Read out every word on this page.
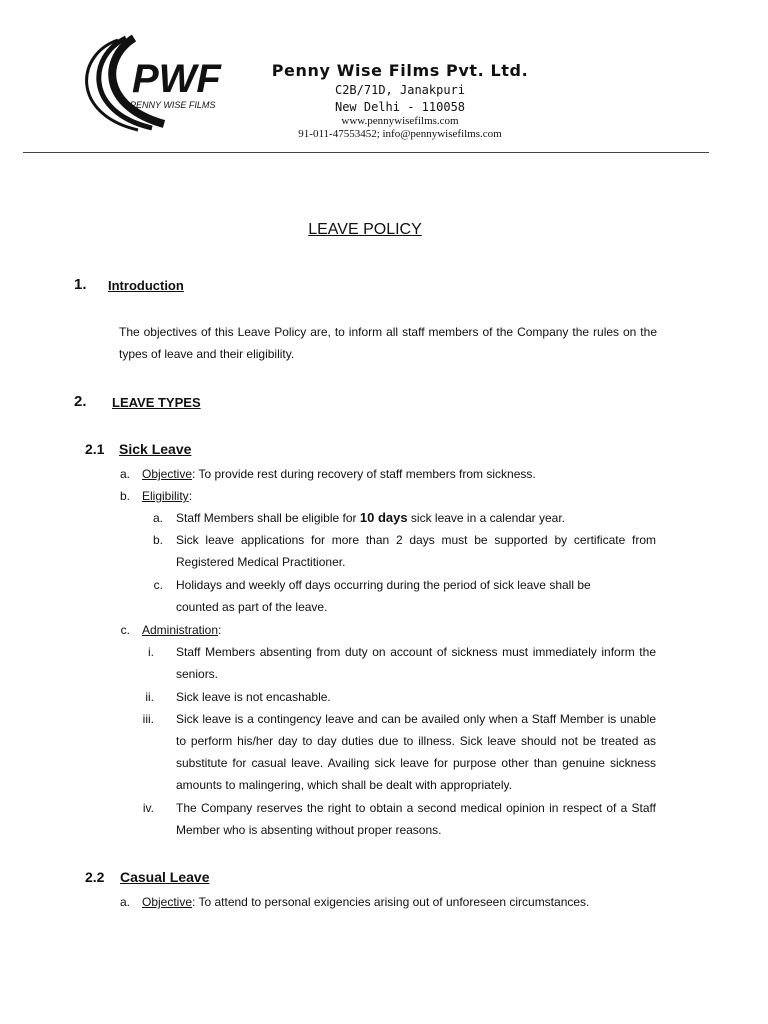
PWF
PENNY WISE FILMS
Penny Wise Films Pvt. Ltd.
C2B/71D, Janakpuri
New Delhi - 110058
www.pennywisefilms.com
91-011-47553452; info@pennywisefilms.com
LEAVE POLICY
1. Introduction
The objectives of this Leave Policy are, to inform all staff members of the Company the rules on the types of leave and their eligibility.
2. LEAVE TYPES
2.1 Sick Leave
a. Objective: To provide rest during recovery of staff members from sickness.
b. Eligibility:
a. Staff Members shall be eligible for 10 days sick leave in a calendar year.
b. Sick leave applications for more than 2 days must be supported by certificate from Registered Medical Practitioner.
c. Holidays and weekly off days occurring during the period of sick leave shall be counted as part of the leave.
c. Administration:
i. Staff Members absenting from duty on account of sickness must immediately inform the seniors.
ii. Sick leave is not encashable.
iii. Sick leave is a contingency leave and can be availed only when a Staff Member is unable to perform his/her day to day duties due to illness. Sick leave should not be treated as substitute for casual leave. Availing sick leave for purpose other than genuine sickness amounts to malingering, which shall be dealt with appropriately.
iv. The Company reserves the right to obtain a second medical opinion in respect of a Staff Member who is absenting without proper reasons.
2.2 Casual Leave
a. Objective: To attend to personal exigencies arising out of unforeseen circumstances.
